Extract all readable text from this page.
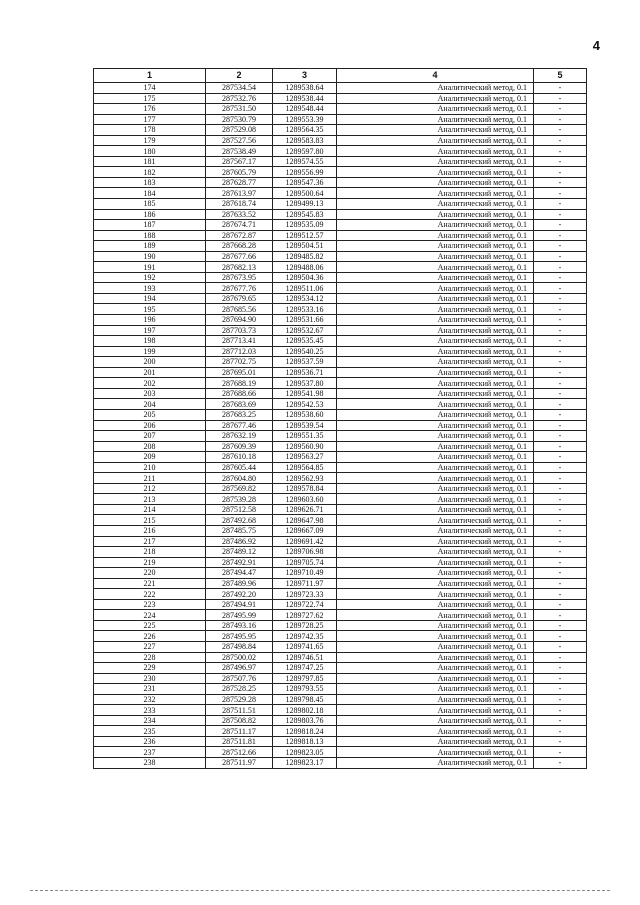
4
1	2	3	4	5
174	287534.54	1289538.64	Аналитический метод, 0.1	-
175	287532.76	1289538.44	Аналитический метод, 0.1	-
176	287531.50	1289548.44	Аналитический метод, 0.1	-
177	287530.79	1289553.39	Аналитический метод, 0.1	-
178	287529.08	1289564.35	Аналитический метод, 0.1	-
179	287527.56	1289583.83	Аналитический метод, 0.1	-
180	287538.49	1289597.80	Аналитический метод, 0.1	-
181	287567.17	1289574.55	Аналитический метод, 0.1	-
182	287605.79	1289556.99	Аналитический метод, 0.1	-
183	287628.77	1289547.36	Аналитический метод, 0.1	-
184	287613.97	1289500.64	Аналитический метод, 0.1	-
185	287618.74	1289499.13	Аналитический метод, 0.1	-
186	287633.52	1289545.83	Аналитический метод, 0.1	-
187	287674.71	1289535.09	Аналитический метод, 0.1	-
188	287672.87	1289512.57	Аналитический метод, 0.1	-
189	287668.28	1289504.51	Аналитический метод, 0.1	-
190	287677.66	1289485.82	Аналитический метод, 0.1	-
191	287682.13	1289488.06	Аналитический метод, 0.1	-
192	287673.95	1289504.36	Аналитический метод, 0.1	-
193	287677.76	1289511.06	Аналитический метод, 0.1	-
194	287679.65	1289534.12	Аналитический метод, 0.1	-
195	287685.56	1289533.16	Аналитический метод, 0.1	-
196	287694.90	1289531.66	Аналитический метод, 0.1	-
197	287703.73	1289532.67	Аналитический метод, 0.1	-
198	287713.41	1289535.45	Аналитический метод, 0.1	-
199	287712.03	1289540.25	Аналитический метод, 0.1	-
200	287702.75	1289537.59	Аналитический метод, 0.1	-
201	287695.01	1289536.71	Аналитический метод, 0.1	-
202	287688.19	1289537.80	Аналитический метод, 0.1	-
203	287688.66	1289541.98	Аналитический метод, 0.1	-
204	287683.69	1289542.53	Аналитический метод, 0.1	-
205	287683.25	1289538.60	Аналитический метод, 0.1	-
206	287677.46	1289539.54	Аналитический метод, 0.1	-
207	287632.19	1289551.35	Аналитический метод, 0.1	-
208	287609.39	1289560.90	Аналитический метод, 0.1	-
209	287610.18	1289563.27	Аналитический метод, 0.1	-
210	287605.44	1289564.85	Аналитический метод, 0.1	-
211	287604.80	1289562.93	Аналитический метод, 0.1	-
212	287569.82	1289578.84	Аналитический метод, 0.1	-
213	287539.28	1289603.60	Аналитический метод, 0.1	-
214	287512.58	1289626.71	Аналитический метод, 0.1	-
215	287492.68	1289647.98	Аналитический метод, 0.1	-
216	287485.75	1289667.09	Аналитический метод, 0.1	-
217	287486.92	1289691.42	Аналитический метод, 0.1	-
218	287489.12	1289706.98	Аналитический метод, 0.1	-
219	287492.91	1289705.74	Аналитический метод, 0.1	-
220	287494.47	1289710.49	Аналитический метод, 0.1	-
221	287489.96	1289711.97	Аналитический метод, 0.1	-
222	287492.20	1289723.33	Аналитический метод, 0.1	-
223	287494.91	1289722.74	Аналитический метод, 0.1	-
224	287495.99	1289727.62	Аналитический метод, 0.1	-
225	287493.16	1289728.25	Аналитический метод, 0.1	-
226	287495.95	1289742.35	Аналитический метод, 0.1	-
227	287498.84	1289741.65	Аналитический метод, 0.1	-
228	287500.02	1289746.51	Аналитический метод, 0.1	-
229	287496.97	1289747.25	Аналитический метод, 0.1	-
230	287507.76	1289797.85	Аналитический метод, 0.1	-
231	287528.25	1289793.55	Аналитический метод, 0.1	-
232	287529.28	1289798.45	Аналитический метод, 0.1	-
233	287511.51	1289802.18	Аналитический метод, 0.1	-
234	287508.82	1289803.76	Аналитический метод, 0.1	-
235	287511.17	1289818.24	Аналитический метод, 0.1	-
236	287511.81	1289818.13	Аналитический метод, 0.1	-
237	287512.66	1289823.05	Аналитический метод, 0.1	-
238	287511.97	1289823.17	Аналитический метод, 0.1	-
